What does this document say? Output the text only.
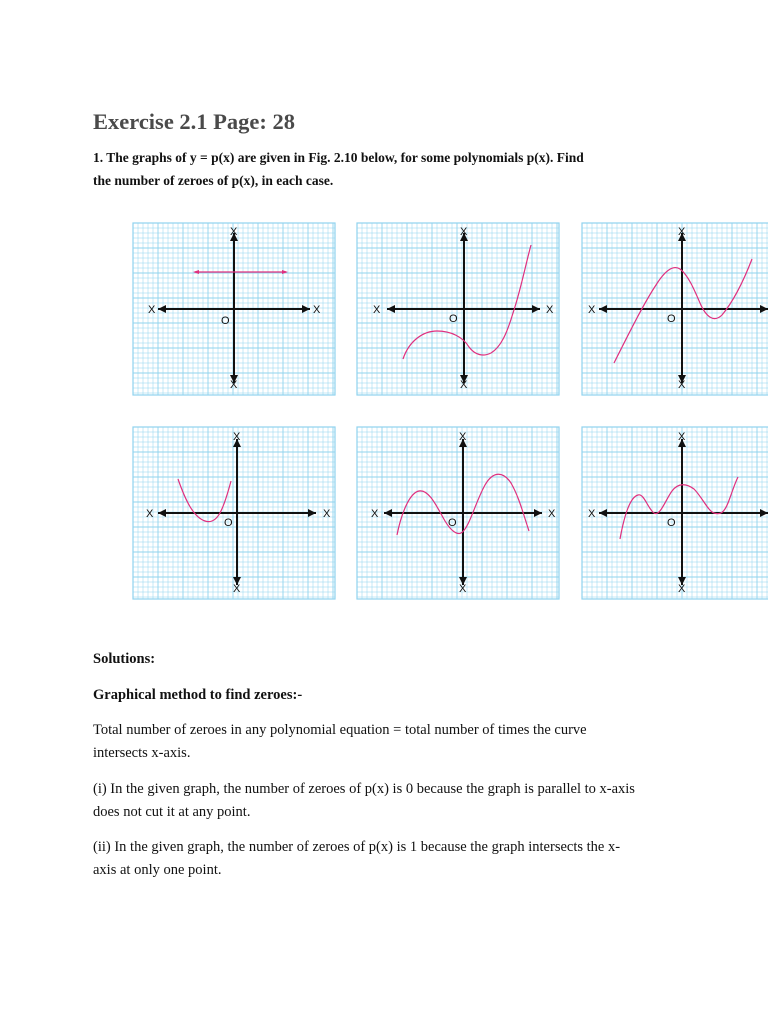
Exercise 2.1 Page: 28
1. The graphs of y = p(x) are given in Fig. 2.10 below, for some polynomials p(x). Find
the number of zeroes of p(x), in each case.
X	X
X
X
O
X	X
X
X
O
X
X
X
O
X	X
X
X
O
X	X
X
X
O
X
X
X
O
Solutions:
Graphical method to find zeroes:-
Total number of zeroes in any polynomial equation = total number of times the curve
intersects x-axis.
(i) In the given graph, the number of zeroes of p(x) is 0 because the graph is parallel to x-axis
does not cut it at any point.
(ii) In the given graph, the number of zeroes of p(x) is 1 because the graph intersects the x-
axis at only one point.
